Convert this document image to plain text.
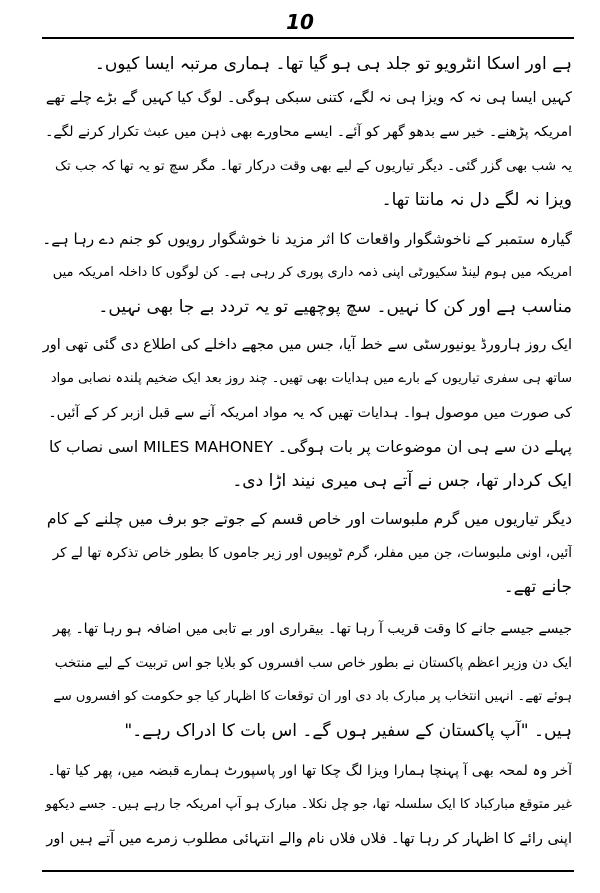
10
ہے اور اسکا انٹرویو تو جلد ہی ہو گیا تھا۔ ہماری مرتبہ ایسا کیوں۔
کہیں ایسا ہی نہ کہ ویزا ہی نہ لگے، کتنی سبکی ہوگی۔ لوگ کیا کہیں گے بڑے چلے تھے
امریکہ پڑھنے۔ خیر سے بدھو گھر کو آئے۔ ایسے محاورے بھی ذہن میں عبث تکرار کرنے لگے۔
یہ شب بھی گزر گئی۔ دیگر تیاریوں کے لیے بھی وقت درکار تھا۔ مگر سچ تو یہ تھا کہ جب تک
ویزا نہ لگے دل نہ مانتا تھا۔
گیارہ ستمبر کے ناخوشگوار واقعات کا اثر مزید نا خوشگوار رویوں کو جنم دے رہا ہے۔
امریکہ میں ہوم لینڈ سکیورٹی اپنی ذمہ داری پوری کر رہی ہے۔ کن لوگوں کا داخلہ امریکہ میں
مناسب ہے اور کن کا نہیں۔ سچ پوچھیے تو یہ تردد بے جا بھی نہیں۔
ایک روز ہارورڈ یونیورسٹی سے خط آیا، جس میں مجھے داخلے کی اطلاع دی گئی تھی اور
ساتھ ہی سفری تیاریوں کے بارے میں ہدایات بھی تھیں۔ چند روز بعد ایک ضخیم پلندہ نصابی مواد
کی صورت میں موصول ہوا۔ ہدایات تھیں کہ یہ مواد امریکہ آنے سے قبل ازبر کر کے آئیں۔
پہلے دن سے ہی ان موضوعات پر بات ہوگی۔ MILES MAHONEY اسی نصاب کا
ایک کردار تھا، جس نے آتے ہی میری نیند اڑا دی۔
دیگر تیاریوں میں گرم ملبوسات اور خاص قسم کے جوتے جو برف میں چلنے کے کام
آئیں، اونی ملبوسات، جن میں مفلر، گرم ٹوپیوں اور زیر جاموں کا بطور خاص تذکرہ تھا لے کر
جانے تھے۔
جیسے جیسے جانے کا وقت قریب آ رہا تھا۔ بیقراری اور بے تابی میں اضافہ ہو رہا تھا۔ پھر
ایک دن وزیر اعظم پاکستان نے بطور خاص سب افسروں کو بلایا جو اس تربیت کے لیے منتخب
ہوئے تھے۔ انہیں انتخاب پر مبارک باد دی اور ان توقعات کا اظہار کیا جو حکومت کو افسروں سے
ہیں۔ "آپ پاکستان کے سفیر ہوں گے۔ اس بات کا ادراک رہے۔"
آخر وہ لمحہ بھی آ پہنچا ہمارا ویزا لگ چکا تھا اور پاسپورٹ ہمارے قبضہ میں، پھر کیا تھا۔
غیر متوقع مبارکباد کا ایک سلسلہ تھا، جو چل نکلا۔ مبارک ہو آپ امریکہ جا رہے ہیں۔ جسے دیکھو
اپنی رائے کا اظہار کر رہا تھا۔ فلاں فلاں نام والے انتہائی مطلوب زمرے میں آتے ہیں اور
